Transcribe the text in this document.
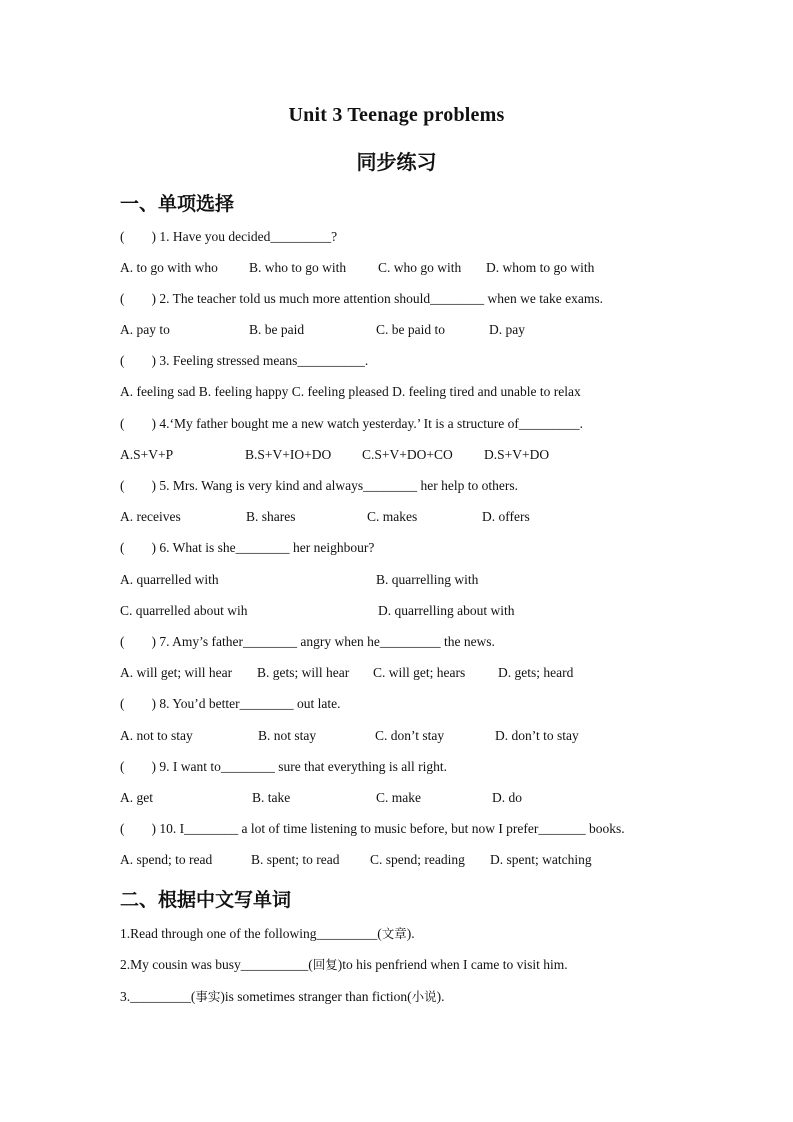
Unit 3 Teenage problems
同步练习
一、单项选择
(        ) 1. Have you decided_________?
A. to go with who B. who to go with C. who go with D. whom to go with
(        ) 2. The teacher told us much more attention should________ when we take exams.
A. pay to	B. be paid	C. be paid to	D. pay
(        ) 3. Feeling stressed means__________.
A. feeling sad B. feeling happy C. feeling pleased D. feeling tired and unable to relax
(        ) 4.‘My father bought me a new watch yesterday.’ It is a structure of_________.
A.S+V+P	B.S+V+IO+DO C.S+V+DO+CO D.S+V+DO
(        ) 5. Mrs. Wang is very kind and always________ her help to others.
A. receives	B. shares	C. makes	D. offers
(        ) 6. What is she________ her neighbour?
A. quarrelled with	B. quarrelling with
C. quarrelled about wih	D. quarrelling about with
(        ) 7. Amy’s father________ angry when he_________ the news.
A. will get; will hear B. gets; will hear C. will get; hears D. gets; heard
(        ) 8. You’d better________ out late.
A. not to stay	B. not stay	C. don’t stay	D. don’t to stay
(        ) 9. I want to________ sure that everything is all right.
A. get	B. take	C. make	D. do
(        ) 10. I________ a lot of time listening to music before, but now I prefer_______ books.
A. spend; to read	B. spent; to read C. spend; reading D. spent; watching
二、根据中文写单词
1.Read through one of the following_________(文章).
2.My cousin was busy__________(回复)to his penfriend when I came to visit him.
3._________(事实)is sometimes stranger than fiction(小说).
